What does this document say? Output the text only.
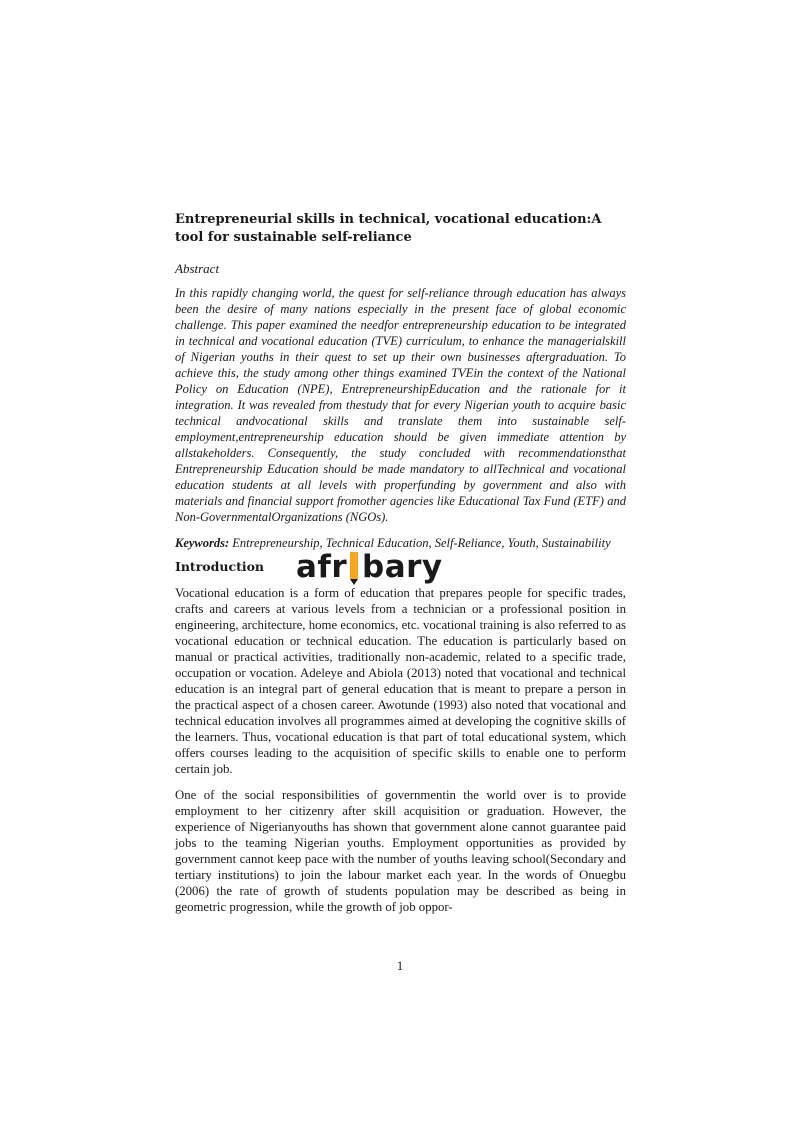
Entrepreneurial skills in technical, vocational education:A tool for sustainable self-reliance
Abstract
In this rapidly changing world, the quest for self-reliance through education has always been the desire of many nations especially in the present face of global economic challenge. This paper examined the needfor entrepreneurship education to be integrated in technical and vocational education (TVE) curriculum, to enhance the managerialskill of Nigerian youths in their quest to set up their own businesses aftergraduation. To achieve this, the study among other things examined TVEin the context of the National Policy on Education (NPE), EntrepreneurshipEducation and the rationale for it integration. It was revealed from thestudy that for every Nigerian youth to acquire basic technical andvocational skills and translate them into sustainable self-employment,entrepreneurship education should be given immediate attention by allstakeholders. Consequently, the study concluded with recommendationsthat Entrepreneurship Education should be made mandatory to allTechnical and vocational education students at all levels with properfunding by government and also with materials and financial support fromother agencies like Educational Tax Fund (ETF) and Non-GovernmentalOrganizations (NGOs).
Keywords: Entrepreneurship, Technical Education, Self-Reliance, Youth, Sustainability
Introduction
Vocational education is a form of education that prepares people for specific trades, crafts and careers at various levels from a technician or a professional position in engineering, architecture, home economics, etc. vocational training is also referred to as vocational education or technical education. The education is particularly based on manual or practical activities, traditionally non-academic, related to a specific trade, occupation or vocation. Adeleye and Abiola (2013) noted that vocational and technical education is an integral part of general education that is meant to prepare a person in the practical aspect of a chosen career. Awotunde (1993) also noted that vocational and technical education involves all programmes aimed at developing the cognitive skills of the learners. Thus, vocational education is that part of total educational system, which offers courses leading to the acquisition of specific skills to enable one to perform certain job.
One of the social responsibilities of governmentin the world over is to provide employment to her citizenry after skill acquisition or graduation. However, the experience of Nigerianyouths has shown that government alone cannot guarantee paid jobs to the teaming Nigerian youths. Employment opportunities as provided by government cannot keep pace with the number of youths leaving school(Secondary and tertiary institutions) to join the labour market each year. In the words of Onuegbu (2006) the rate of growth of students population may be described as being in geometric progression, while the growth of job oppor-
afr bary
1
